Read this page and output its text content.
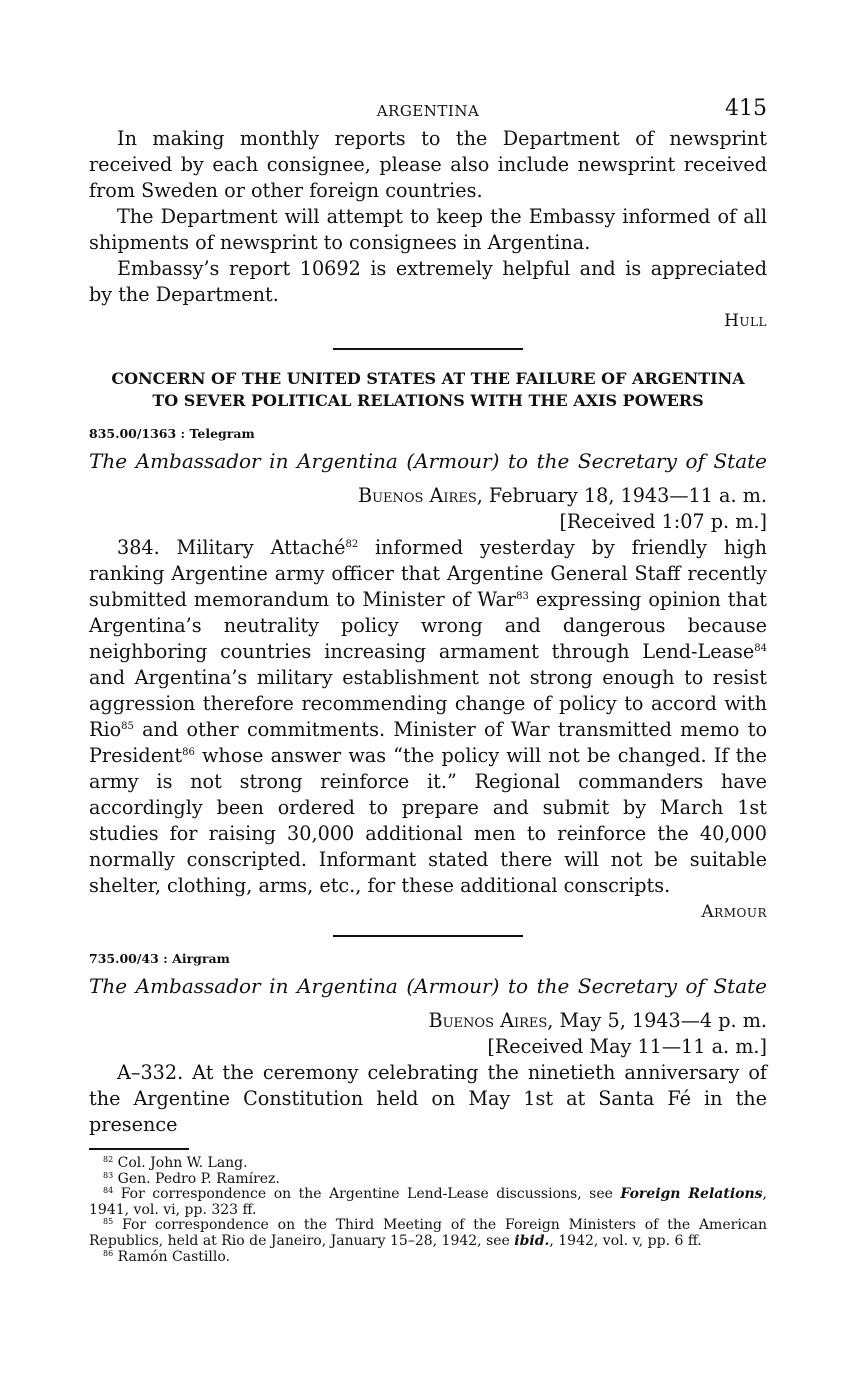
ARGENTINA	415

In making monthly reports to the Department of newsprint received by each consignee, please also include newsprint received from Sweden or other foreign countries.

The Department will attempt to keep the Embassy informed of all shipments of newsprint to consignees in Argentina.

Embassy’s report 10692 is extremely helpful and is appreciated by the Department.

Hull
CONCERN OF THE UNITED STATES AT THE FAILURE OF ARGENTINA
TO SEVER POLITICAL RELATIONS WITH THE AXIS POWERS
835.00/1363 : Telegram
The Ambassador in Argentina (Armour) to the Secretary of State
Buenos Aires, February 18, 1943—11 a. m.
[Received 1:07 p. m.]

384. Military Attaché$^{82}$ informed yesterday by friendly high ranking Argentine army officer that Argentine General Staff recently submitted memorandum to Minister of War$^{83}$ expressing opinion that Argentina’s neutrality policy wrong and dangerous because neighboring countries increasing armament through Lend-Lease$^{84}$ and Argentina’s military establishment not strong enough to resist aggression therefore recommending change of policy to accord with Rio$^{85}$ and other commitments. Minister of War transmitted memo to President$^{86}$ whose answer was “the policy will not be changed. If the army is not strong reinforce it.” Regional commanders have accordingly been ordered to prepare and submit by March 1st studies for raising 30,000 additional men to reinforce the 40,000 normally conscripted. Informant stated there will not be suitable shelter, clothing, arms, etc., for these additional conscripts.

Armour
735.00/43 : Airgram
The Ambassador in Argentina (Armour) to the Secretary of State
Buenos Aires, May 5, 1943—4 p. m.
[Received May 11—11 a. m.]

A–332. At the ceremony celebrating the ninetieth anniversary of the Argentine Constitution held on May 1st at Santa Fé in the presence

$^{82}$ Col. John W. Lang.
$^{83}$ Gen. Pedro P. Ramírez.
$^{84}$ For correspondence on the Argentine Lend-Lease discussions, see Foreign Relations, 1941, vol. vi, pp. 323 ff.
$^{85}$ For correspondence on the Third Meeting of the Foreign Ministers of the American Republics, held at Rio de Janeiro, January 15–28, 1942, see ibid., 1942, vol. v, pp. 6 ff.
$^{86}$ Ramón Castillo.
